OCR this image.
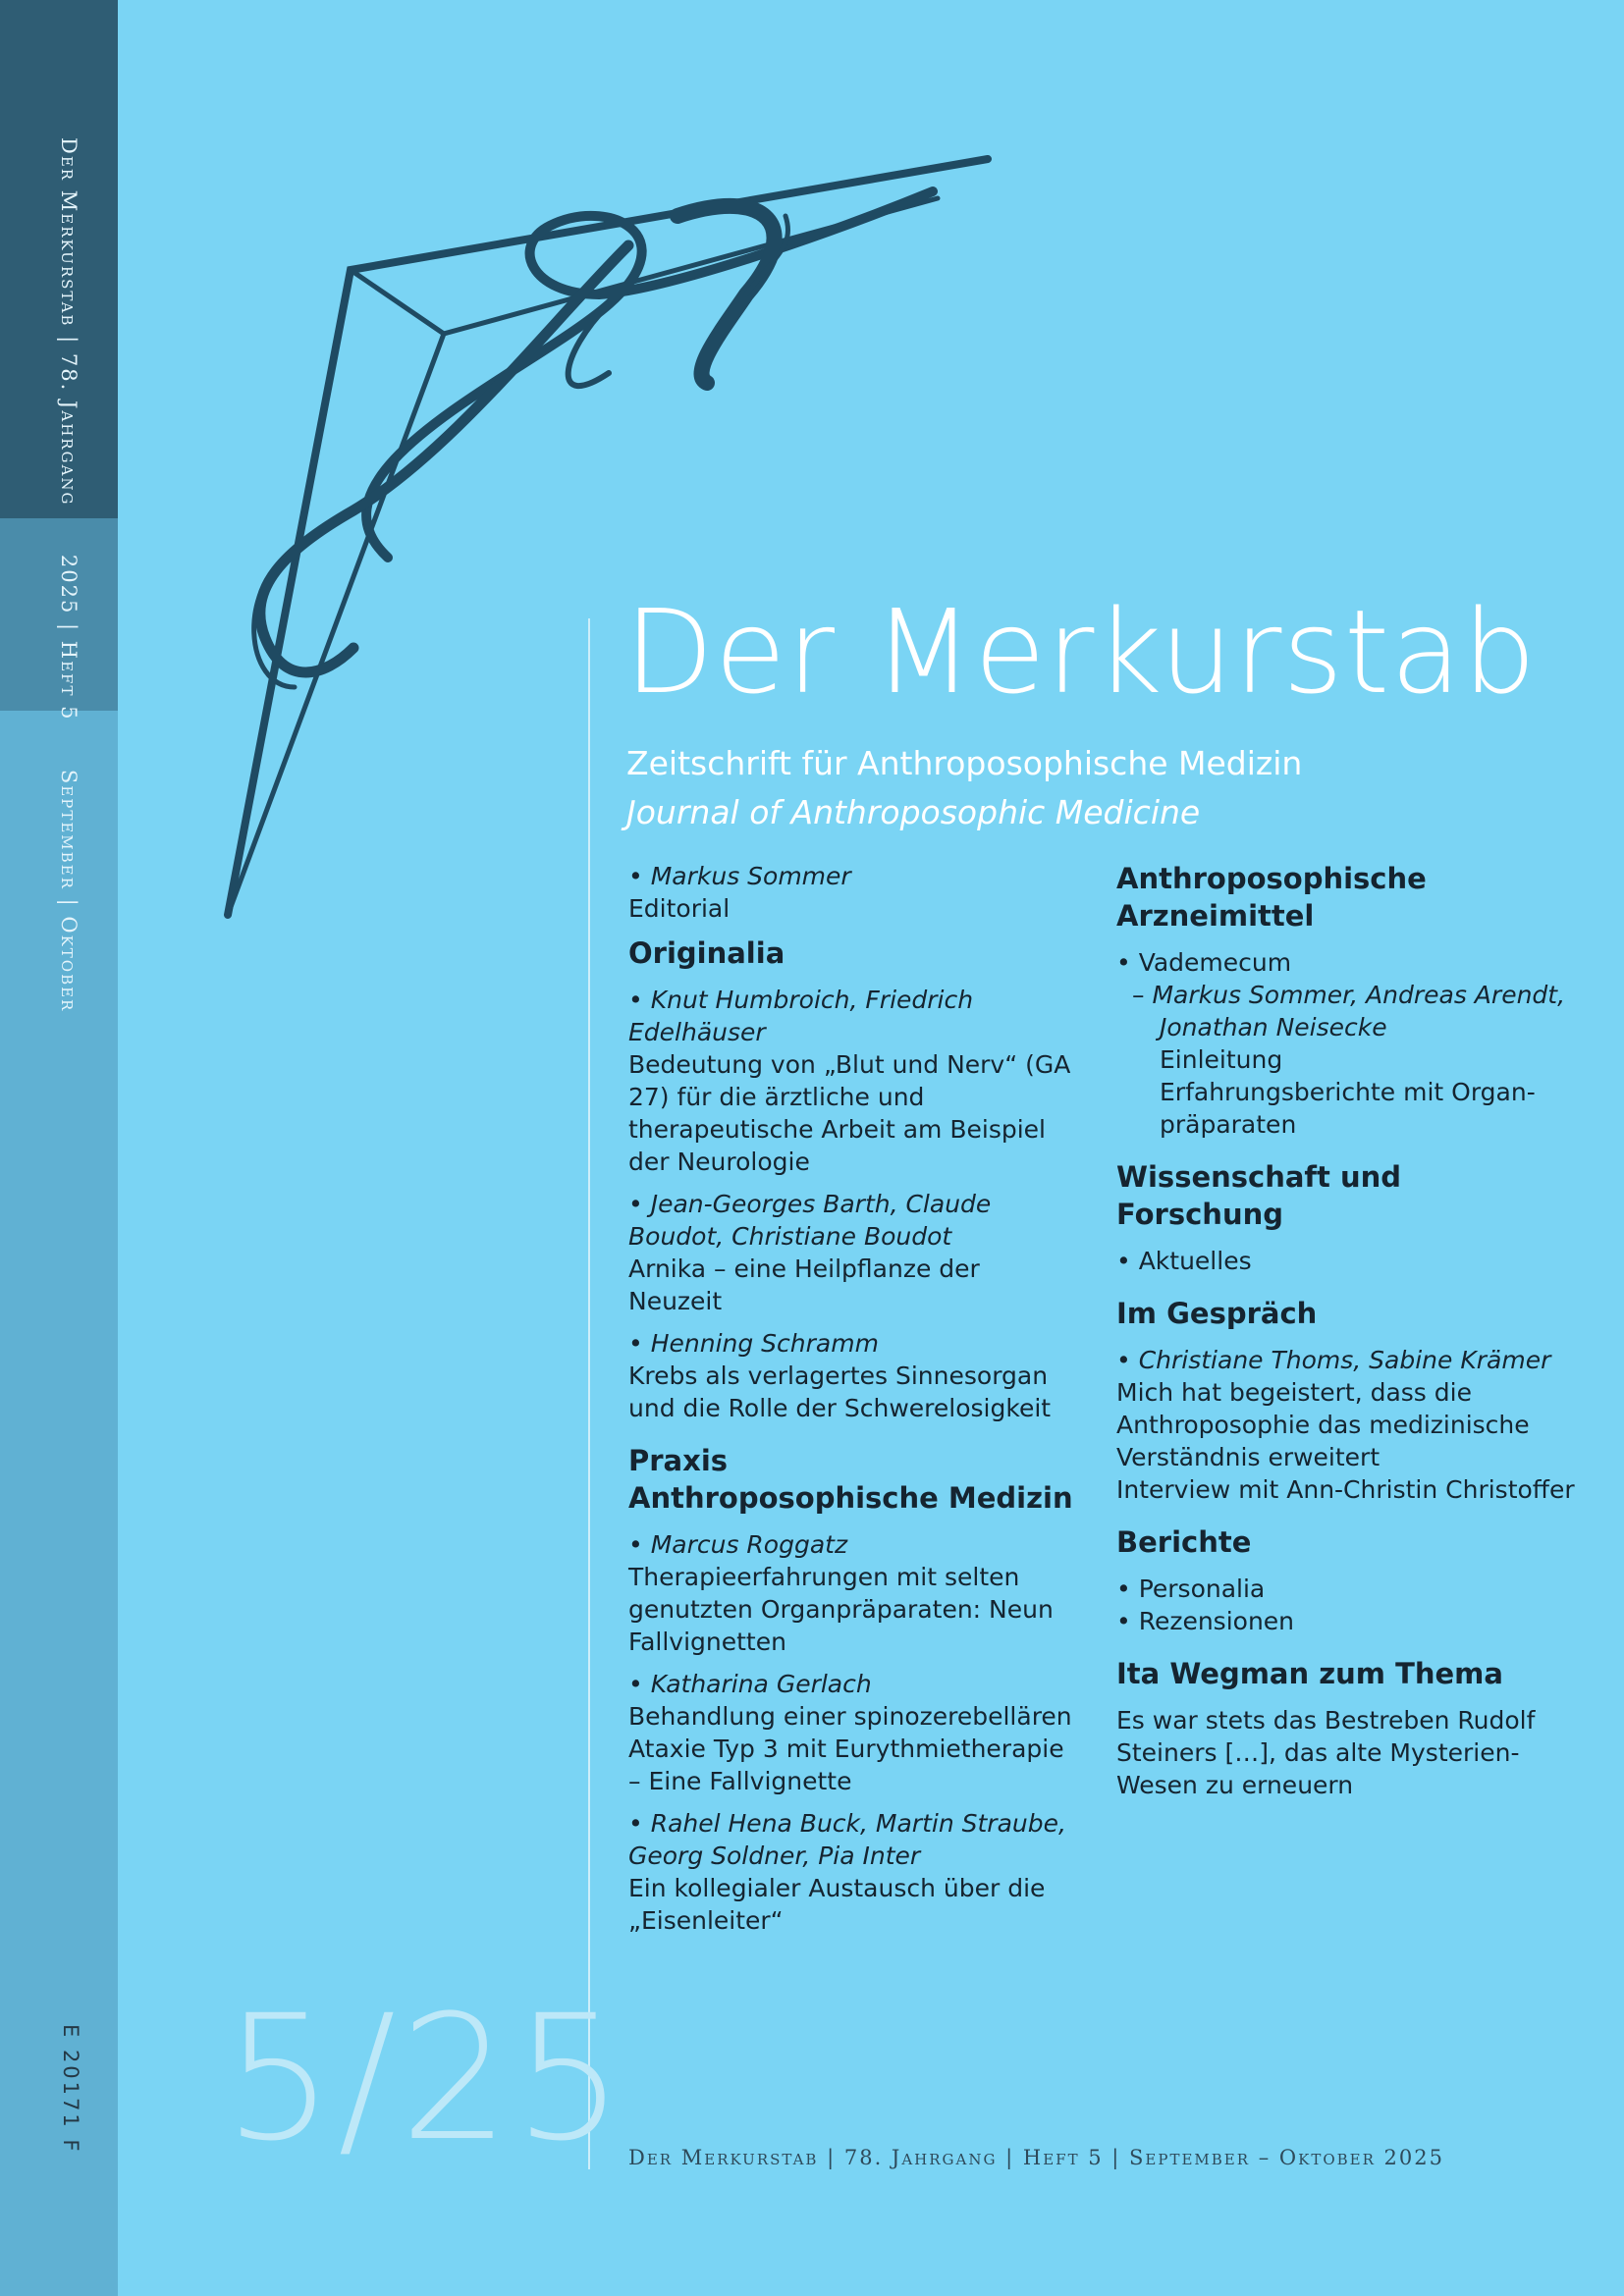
Der Merkurstab | 78. Jahrgang  2025 | Heft 5  September | Oktober
E 20171 F
Der Merkurstab
Zeitschrift für Anthroposophische Medizin
Journal of Anthroposophic Medicine
• Markus Sommer
Editorial
Originalia
• Knut Humbroich, Friedrich Edelhäuser
Bedeutung von „Blut und Nerv“ (GA 27) für die ärztliche und therapeutische Arbeit am Beispiel der Neurologie
• Jean-Georges Barth, Claude Boudot, Christiane Boudot
Arnika – eine Heilpflanze der Neuzeit
• Henning Schramm
Krebs als verlagertes Sinnesorgan und die Rolle der Schwerelosigkeit
Praxis
Anthroposophische Medizin
• Marcus Roggatz
Therapieerfahrungen mit selten genutzten Organpräparaten: Neun Fallvignetten
• Katharina Gerlach
Behandlung einer spinozerebellären Ataxie Typ 3 mit Eurythmietherapie – Eine Fallvignette
• Rahel Hena Buck, Martin Straube, Georg Soldner, Pia Inter
Ein kollegialer Austausch über die „Eisenleiter“
Anthroposophische Arzneimittel
• Vademecum
– Markus Sommer, Andreas Arendt, Jonathan Neisecke
Einleitung
Erfahrungsberichte mit Organ-präparaten
Wissenschaft und Forschung
• Aktuelles
Im Gespräch
• Christiane Thoms, Sabine Krämer
Mich hat begeistert, dass die Anthroposophie das medizinische Verständnis erweitert
Interview mit Ann-Christin Christoffer
Berichte
• Personalia
• Rezensionen
Ita Wegman zum Thema
Es war stets das Bestreben Rudolf Steiners […], das alte Mysterien-Wesen zu erneuern
5/25 Der Merkurstab | 78. Jahrgang | Heft 5 | September – Oktober 2025
